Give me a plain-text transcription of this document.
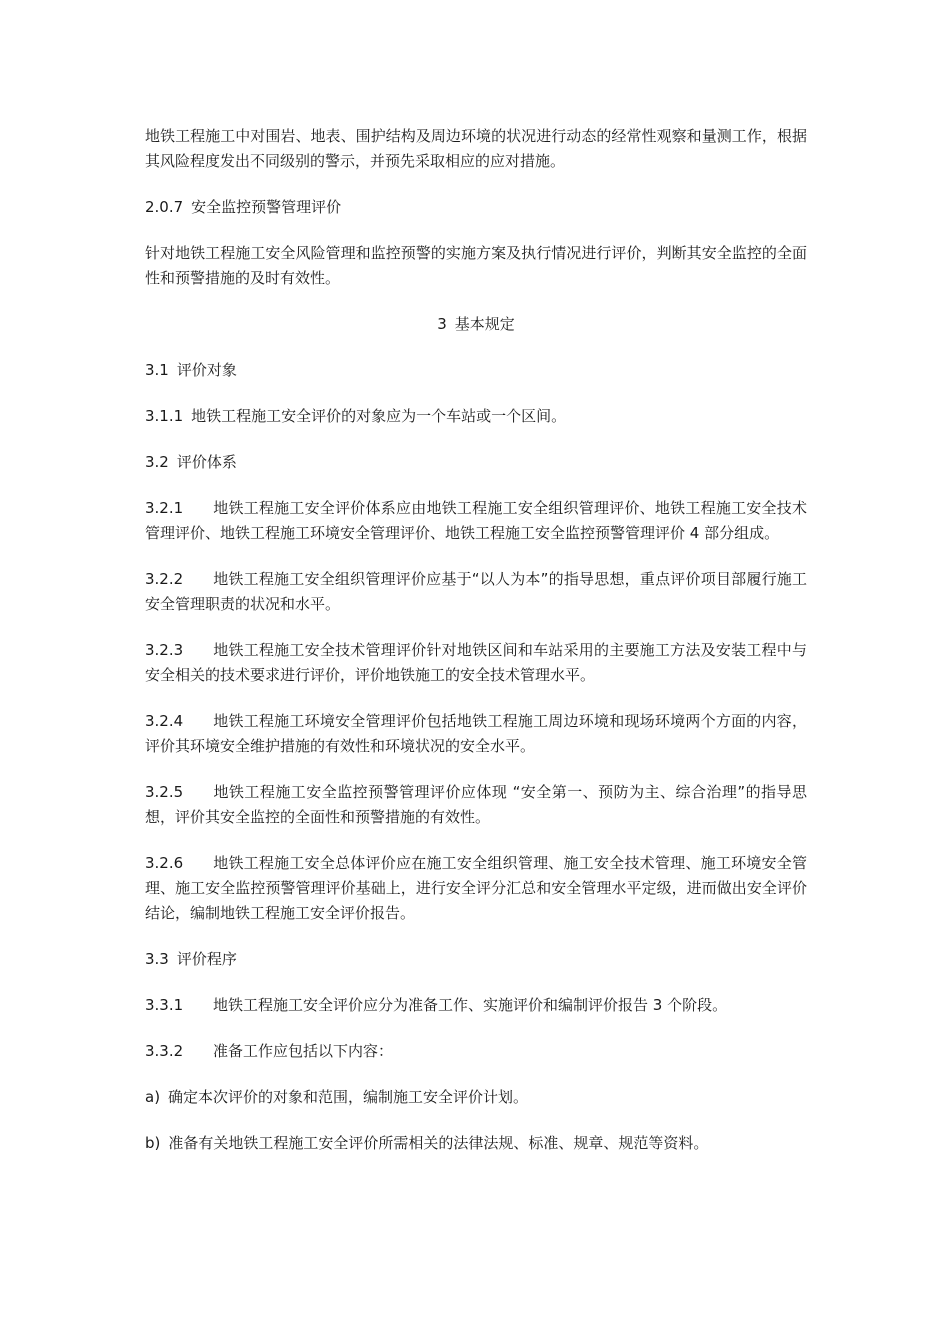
地铁工程施工中对围岩、地表、围护结构及周边环境的状况进行动态的经常性观察和量测工作，根据其风险程度发出不同级别的警示，并预先采取相应的应对措施。

2.0.7 安全监控预警管理评价

针对地铁工程施工安全风险管理和监控预警的实施方案及执行情况进行评价，判断其安全监控的全面性和预警措施的及时有效性。

3 基本规定

3.1 评价对象

3.1.1 地铁工程施工安全评价的对象应为一个车站或一个区间。

3.2 评价体系

3.2.1 地铁工程施工安全评价体系应由地铁工程施工安全组织管理评价、地铁工程施工安全技术管理评价、地铁工程施工环境安全管理评价、地铁工程施工安全监控预警管理评价 4 部分组成。

3.2.2 地铁工程施工安全组织管理评价应基于“以人为本”的指导思想，重点评价项目部履行施工安全管理职责的状况和水平。

3.2.3 地铁工程施工安全技术管理评价针对地铁区间和车站采用的主要施工方法及安装工程中与安全相关的技术要求进行评价，评价地铁施工的安全技术管理水平。

3.2.4 地铁工程施工环境安全管理评价包括地铁工程施工周边环境和现场环境两个方面的内容，评价其环境安全维护措施的有效性和环境状况的安全水平。

3.2.5 地铁工程施工安全监控预警管理评价应体现 “安全第一、预防为主、综合治理”的指导思想，评价其安全监控的全面性和预警措施的有效性。

3.2.6 地铁工程施工安全总体评价应在施工安全组织管理、施工安全技术管理、施工环境安全管理、施工安全监控预警管理评价基础上，进行安全评分汇总和安全管理水平定级，进而做出安全评价结论，编制地铁工程施工安全评价报告。

3.3 评价程序

3.3.1 地铁工程施工安全评价应分为准备工作、实施评价和编制评价报告 3 个阶段。

3.3.2 准备工作应包括以下内容：

a) 确定本次评价的对象和范围，编制施工安全评价计划。

b) 准备有关地铁工程施工安全评价所需相关的法律法规、标准、规章、规范等资料。
